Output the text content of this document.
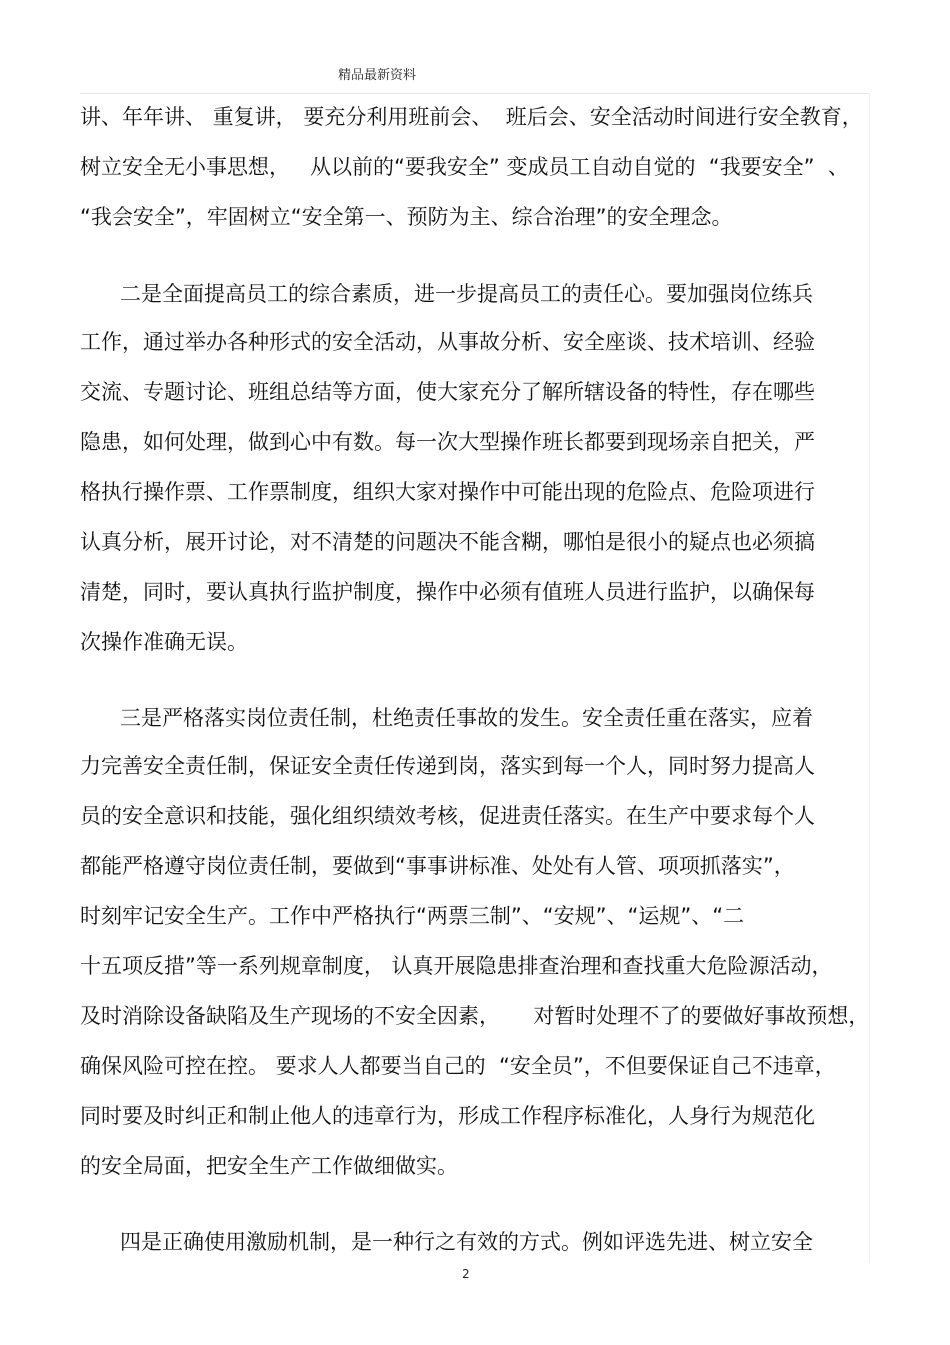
精品最新资料
讲、年年讲、 重复讲， 要充分利用班前会、  班后会、安全活动时间进行安全教育，
树立安全无小事思想，   从以前的“要我安全” 变成员工自动自觉的  “我要安全”  、
“我会安全”，牢固树立“安全第一、预防为主、综合治理”的安全理念。
二是全面提高员工的综合素质，进一步提高员工的责任心。要加强岗位练兵
工作，通过举办各种形式的安全活动，从事故分析、安全座谈、技术培训、经验
交流、专题讨论、班组总结等方面，使大家充分了解所辖设备的特性，存在哪些
隐患，如何处理，做到心中有数。每一次大型操作班长都要到现场亲自把关，严
格执行操作票、工作票制度，组织大家对操作中可能出现的危险点、危险项进行
认真分析，展开讨论，对不清楚的问题决不能含糊，哪怕是很小的疑点也必须搞
清楚，同时，要认真执行监护制度，操作中必须有值班人员进行监护，以确保每
次操作准确无误。
三是严格落实岗位责任制，杜绝责任事故的发生。安全责任重在落实，应着
力完善安全责任制，保证安全责任传递到岗，落实到每一个人，同时努力提高人
员的安全意识和技能，强化组织绩效考核，促进责任落实。在生产中要求每个人
都能严格遵守岗位责任制，要做到“事事讲标准、处处有人管、项项抓落实”，
时刻牢记安全生产。工作中严格执行“两票三制”、“安规”、“运规”、“二
十五项反措”等一系列规章制度， 认真开展隐患排查治理和查找重大危险源活动，
及时消除设备缺陷及生产现场的不安全因素，     对暂时处理不了的要做好事故预想，
确保风险可控在控。 要求人人都要当自己的  “安全员”，不但要保证自己不违章，
同时要及时纠正和制止他人的违章行为，形成工作程序标准化，人身行为规范化
的安全局面，把安全生产工作做细做实。
四是正确使用激励机制，是一种行之有效的方式。例如评选先进、树立安全
2
